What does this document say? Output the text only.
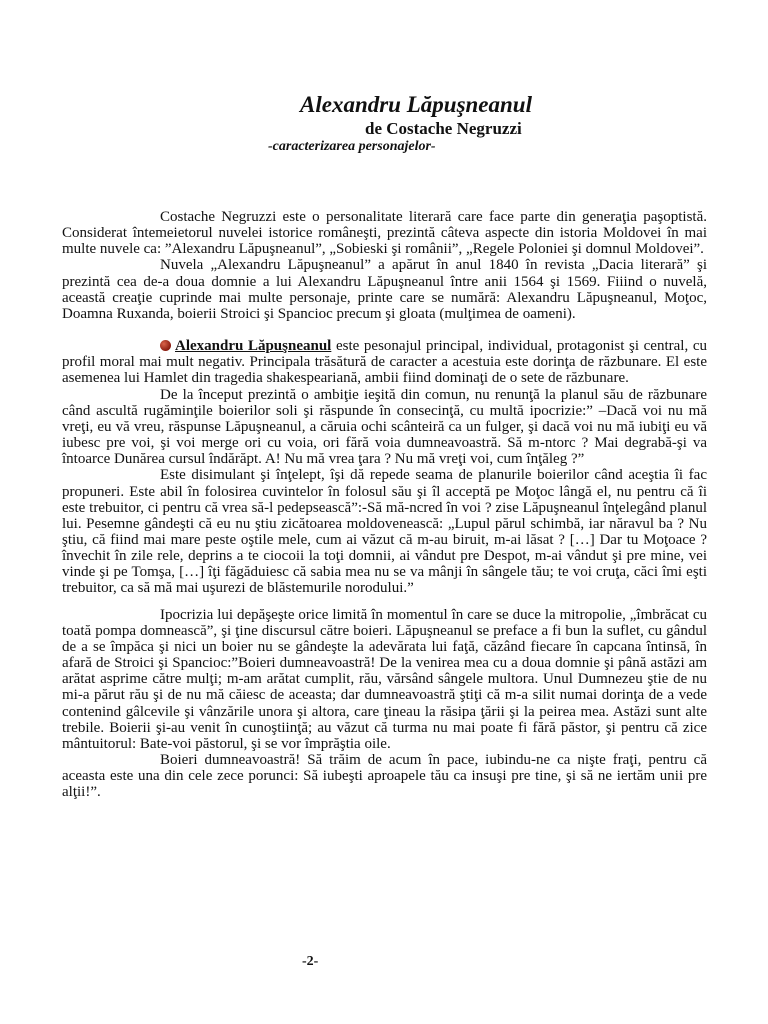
Alexandru Lăpuşneanul
de Costache Negruzzi
-caracterizarea personajelor-

Costache Negruzzi este o personalitate literară care face parte din generaţia paşoptistă. Considerat întemeietorul nuvelei istorice româneşti, prezintă câteva aspecte din istoria Moldovei în mai multe nuvele ca: ”Alexandru Lăpuşneanul”, „Sobieski şi românii”, „Regele Poloniei şi domnul Moldovei”.

Nuvela „Alexandru Lăpuşneanul” a apărut în anul 1840 în revista „Dacia literară” şi prezintă cea de-a doua domnie a lui Alexandru Lăpuşneanul între anii 1564 şi 1569. Fiiind o nuvelă, această creaţie cuprinde mai multe personaje, printe care se numără: Alexandru Lăpuşneanul, Moţoc, Doamna Ruxanda, boierii Stroici şi Spancioc precum şi gloata (mulţimea de oameni).

Alexandru Lăpuşneanul este pesonajul principal, individual, protagonist şi central, cu profil moral mai mult negativ. Principala trăsătură de caracter a acestuia este dorinţa de răzbunare. El este asemenea lui Hamlet din tragedia shakespeariană, ambii fiind dominaţi de o sete de răzbunare.

De la început prezintă o ambiţie ieşită din comun, nu renunţă la planul său de răzbunare când ascultă rugăminţile boierilor soli şi răspunde în consecinţă, cu multă ipocrizie:” –Dacă voi nu mă vreţi, eu vă vreu, răspunse Lăpuşneanul, a căruia ochi scânteiră ca un fulger, şi dacă voi nu mă iubiţi eu vă iubesc pre voi, şi voi merge ori cu voia, ori fără voia dumneavoastră. Să m-ntorc ? Mai degrabă-şi va întoarce Dunărea cursul îndărăpt. A! Nu mă vrea ţara ? Nu mă vreţi voi, cum înţăleg ?”

Este disimulant şi înţelept, îşi dă repede seama de planurile boierilor când aceştia îi fac propuneri. Este abil în folosirea cuvintelor în folosul său şi îl acceptă pe Moţoc lângă el, nu pentru că îi este trebuitor, ci pentru că vrea să-l pedepsească”:-Să mă-ncred în voi ? zise Lăpuşneanul înţelegând planul lui. Pesemne gândeşti că eu nu ştiu zicătoarea moldovenească: „Lupul părul schimbă, iar năravul ba ? Nu ştiu, că fiind mai mare peste oştile mele, cum ai văzut că m-au biruit, m-ai lăsat ? […] Dar tu Moţoace ? învechit în zile rele, deprins a te ciocoii la toţi domnii, ai vândut pre Despot, m-ai vândut şi pre mine, vei vinde şi pe Tomşa, […] îţi făgăduiesc că sabia mea nu se va mânji în sângele tău; te voi cruţa, căci îmi eşti trebuitor, ca să mă mai uşurezi de blăstemurile norodului.”

Ipocrizia lui depăşeşte orice limită în momentul în care se duce la mitropolie, „îmbrăcat cu toată pompa domnească”, şi ţine discursul către boieri. Lăpuşneanul se preface a fi bun la suflet, cu gândul de a se împăca şi nici un boier nu se gândeşte la adevărata lui faţă, căzând fiecare în capcana întinsă, în afară de Stroici şi Spancioc:”Boieri dumneavoastră! De la venirea mea cu a doua domnie şi până astăzi am arătat asprime către mulţi; m-am arătat cumplit, rău, vărsând sângele multora. Unul Dumnezeu ştie de nu mi-a părut rău şi de nu mă căiesc de aceasta; dar dumneavoastră ştiţi că m-a silit numai dorinţa de a vede contenind gâlcevile şi vânzările unora şi altora, care ţineau la răsipa ţării şi la peirea mea. Astăzi sunt alte trebile. Boierii şi-au venit în cunoştiinţă; au văzut că turma nu mai poate fi fără păstor, şi pentru că zice mântuitorul: Bate-voi păstorul, şi se vor împrăştia oile.

Boieri dumneavoastră! Să trăim de acum în pace, iubindu-ne ca nişte fraţi, pentru că aceasta este una din cele zece porunci: Să iubeşti aproapele tău ca insuşi pre tine, şi să ne iertăm unii pre alţii!”.

-2-
